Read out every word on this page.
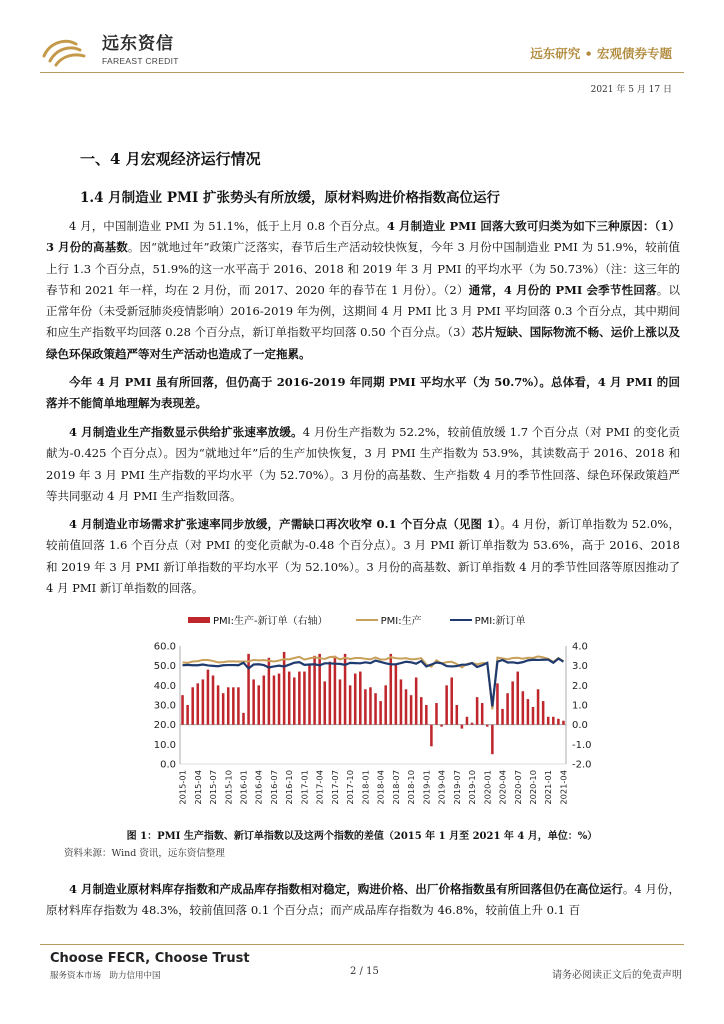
远东资信
FAREAST CREDIT
远东研究 • 宏观债券专题
2021 年 5 月 17 日
一、4 月宏观经济运行情况
1.4 月制造业 PMI 扩张势头有所放缓，原材料购进价格指数高位运行
4 月，中国制造业 PMI 为 51.1%，低于上月 0.8 个百分点。4 月制造业 PMI 回落大致可归类为如下三种原因：（1）3 月份的高基数。因“就地过年”政策广泛落实，春节后生产活动较快恢复，今年 3 月份中国制造业 PMI 为 51.9%，较前值上行 1.3 个百分点，51.9%的这一水平高于 2016、2018 和 2019 年 3 月 PMI 的平均水平（为 50.73%）（注：这三年的春节和 2021 年一样，均在 2 月份，而 2017、2020 年的春节在 1 月份）。（2）通常，4 月份的 PMI 会季节性回落。以正常年份（未受新冠肺炎疫情影响）2016-2019 年为例，这期间 4 月 PMI 比 3 月 PMI 平均回落 0.3 个百分点，其中期间和应生产指数平均回落 0.28 个百分点，新订单指数平均回落 0.50 个百分点。（3）芯片短缺、国际物流不畅、运价上涨以及绿色环保政策趋严等对生产活动也造成了一定拖累。
今年 4 月 PMI 虽有所回落，但仍高于 2016-2019 年同期 PMI 平均水平（为 50.7%）。总体看，4 月 PMI 的回落并不能简单地理解为表现差。
4 月制造业生产指数显示供给扩张速率放缓。4 月份生产指数为 52.2%，较前值放缓 1.7 个百分点（对 PMI 的变化贡献为-0.425 个百分点）。因为“就地过年”后的生产加快恢复，3 月 PMI 生产指数为 53.9%，其读数高于 2016、2018 和 2019 年 3 月 PMI 生产指数的平均水平（为 52.70%）。3 月份的高基数、生产指数 4 月的季节性回落、绿色环保政策趋严等共同驱动 4 月 PMI 生产指数回落。
4 月制造业市场需求扩张速率同步放缓，产需缺口再次收窄 0.1 个百分点（见图 1）。4 月份，新订单指数为 52.0%，较前值回落 1.6 个百分点（对 PMI 的变化贡献为-0.48 个百分点）。3 月 PMI 新订单指数为 53.6%，高于 2016、2018 和 2019 年 3 月 PMI 新订单指数的平均水平（为 52.10%）。3 月份的高基数、新订单指数 4 月的季节性回落等原因推动了 4 月 PMI 新订单指数的回落。
4 月制造业原材料库存指数和产成品库存指数相对稳定，购进价格、出厂价格指数虽有所回落但仍在高位运行。4 月份，原材料库存指数为 48.3%，较前值回落 0.1 个百分点；而产成品库存指数为 46.8%，较前值上升 0.1 百
PMI:生产-新订单（右轴）	PMI:生产	PMI:新订单
0.0
10.0
20.0
30.0
40.0
50.0
60.0
-2.0
-1.0
0.0
1.0
2.0
3.0
4.0
2015-01 2015-04 2015-07 2015-10 2016-01 2016-04 2016-07 2016-10 2017-01 2017-04 2017-07 2017-10 2018-01 2018-04 2018-07 2018-10 2019-01 2019-04 2019-07 2019-10 2020-01 2020-04 2020-07 2020-10 2021-01 2021-04
图 1：PMI 生产指数、新订单指数以及这两个指数的差值（2015 年 1 月至 2021 年 4 月，单位：%）
资料来源：Wind 资讯，远东资信整理
Choose FECR, Choose Trust
服务资本市场　助力信用中国	2 / 15	请务必阅读正文后的免责声明
